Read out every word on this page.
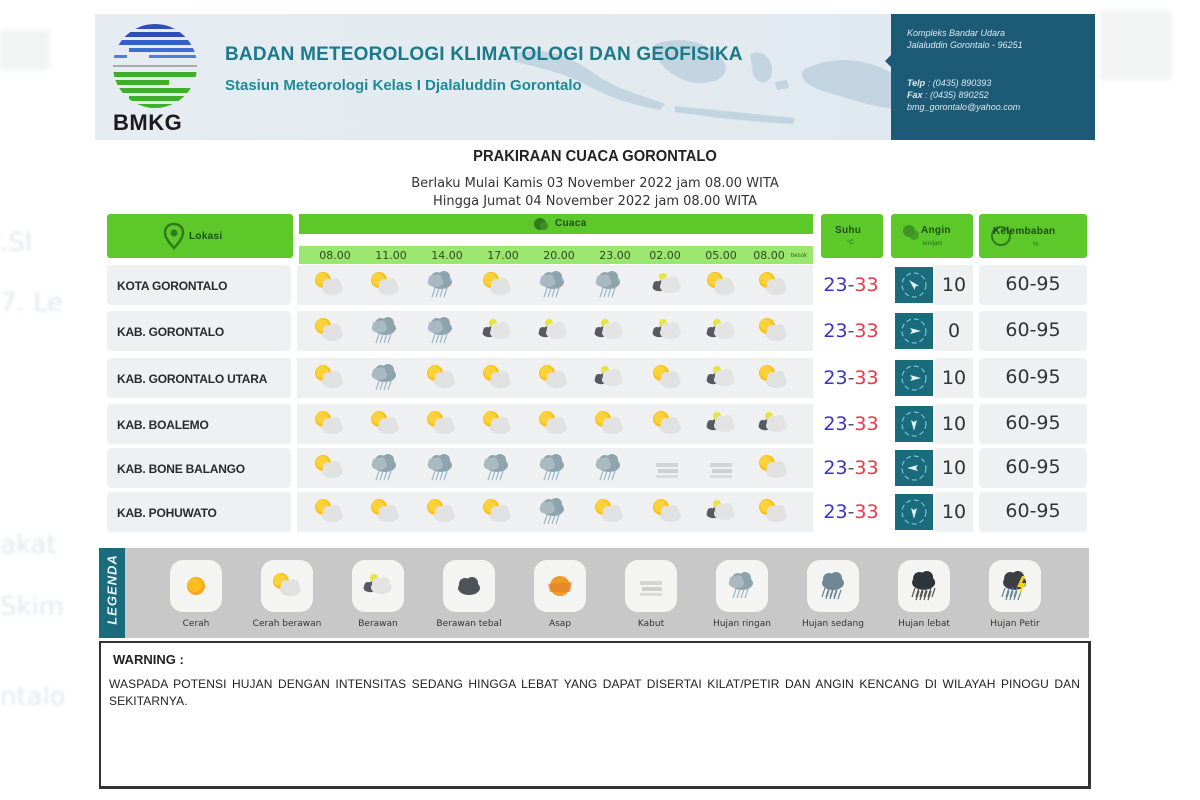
.SI
7. Le
akat
Skim
ntalo
BMKG
BADAN METEOROLOGI KLIMATOLOGI DAN GEOFISIKA
Stasiun Meteorologi Kelas I Djalaluddin Gorontalo
Kompleks Bandar Udara
Jalaluddin Gorontalo - 96251
Telp : (0435) 890393
Fax : (0435) 890252
bmg_gorontalo@yahoo.com
PRAKIRAAN CUACA GORONTALO
Berlaku Mulai Kamis 03 November 2022 jam 08.00 WITA
Hingga Jumat 04 November 2022 jam 08.00 WITA
Lokasi
Cuaca
08.00	11.00	14.00	17.00	20.00	23.00	02.00	05.00	08.00	besok
Suhu
°C
Angin
km/jam
Kelembaban
%
KOTA GORONTALO	23-33	10	60-95
KAB. GORONTALO	23-33	0	60-95
KAB. GORONTALO UTARA	23-33	10	60-95
KAB. BOALEMO	23-33	10	60-95
KAB. BONE BALANGO	23-33	10	60-95
KAB. POHUWATO	23-33	10	60-95
LEGENDA	Cerah	Cerah berawan	Berawan	Berawan tebal	Asap	Kabut	Hujan ringan	Hujan sedang	Hujan lebat	Hujan Petir
WARNING :
WASPADA POTENSI HUJAN DENGAN INTENSITAS SEDANG HINGGA LEBAT YANG DAPAT DISERTAI KILAT/PETIR DAN ANGIN KENCANG DI WILAYAH PINOGU DAN SEKITARNYA.
